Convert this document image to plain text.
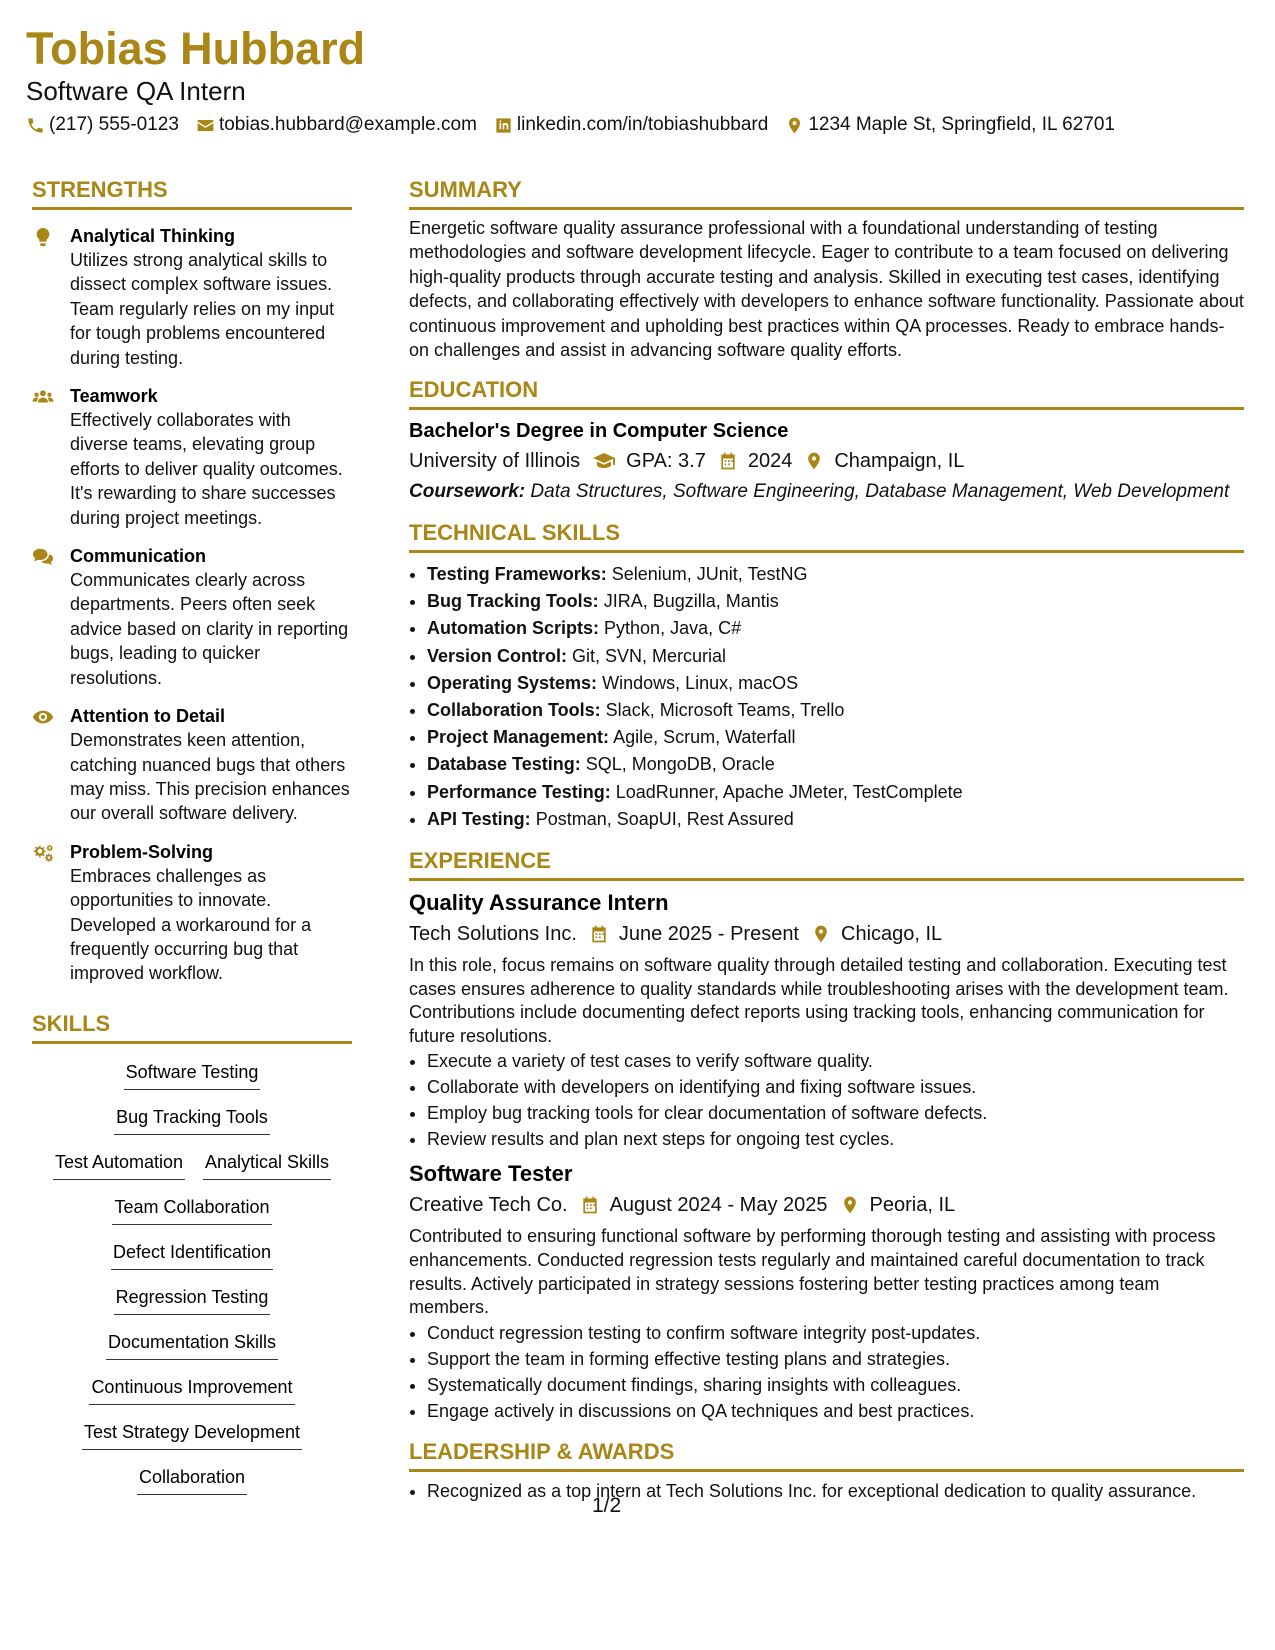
Tobias Hubbard
Software QA Intern
(217) 555-0123 tobias.hubbard@example.com linkedin.com/in/tobiashubbard 1234 Maple St, Springfield, IL 62701
STRENGTHS
Analytical Thinking
Utilizes strong analytical skills to dissect complex software issues. Team regularly relies on my input for tough problems encountered during testing.
Teamwork
Effectively collaborates with diverse teams, elevating group efforts to deliver quality outcomes. It's rewarding to share successes during project meetings.
Communication
Communicates clearly across departments. Peers often seek advice based on clarity in reporting bugs, leading to quicker resolutions.
Attention to Detail
Demonstrates keen attention, catching nuanced bugs that others may miss. This precision enhances our overall software delivery.
Problem-Solving
Embraces challenges as opportunities to innovate. Developed a workaround for a frequently occurring bug that improved workflow.
SKILLS
Software Testing
Bug Tracking Tools
Test Automation Analytical Skills
Team Collaboration
Defect Identification
Regression Testing
Documentation Skills
Continuous Improvement
Test Strategy Development
Collaboration
SUMMARY
Energetic software quality assurance professional with a foundational understanding of testing methodologies and software development lifecycle. Eager to contribute to a team focused on delivering high-quality products through accurate testing and analysis. Skilled in executing test cases, identifying defects, and collaborating effectively with developers to enhance software functionality. Passionate about continuous improvement and upholding best practices within QA processes. Ready to embrace hands-on challenges and assist in advancing software quality efforts.
EDUCATION
Bachelor's Degree in Computer Science
University of Illinois GPA: 3.7 2024 Champaign, IL
Coursework: Data Structures, Software Engineering, Database Management, Web Development
TECHNICAL SKILLS
• Testing Frameworks: Selenium, JUnit, TestNG
• Bug Tracking Tools: JIRA, Bugzilla, Mantis
• Automation Scripts: Python, Java, C#
• Version Control: Git, SVN, Mercurial
• Operating Systems: Windows, Linux, macOS
• Collaboration Tools: Slack, Microsoft Teams, Trello
• Project Management: Agile, Scrum, Waterfall
• Database Testing: SQL, MongoDB, Oracle
• Performance Testing: LoadRunner, Apache JMeter, TestComplete
• API Testing: Postman, SoapUI, Rest Assured
EXPERIENCE
Quality Assurance Intern
Tech Solutions Inc. June 2025 - Present Chicago, IL
In this role, focus remains on software quality through detailed testing and collaboration. Executing test cases ensures adherence to quality standards while troubleshooting arises with the development team. Contributions include documenting defect reports using tracking tools, enhancing communication for future resolutions.
• Execute a variety of test cases to verify software quality.
• Collaborate with developers on identifying and fixing software issues.
• Employ bug tracking tools for clear documentation of software defects.
• Review results and plan next steps for ongoing test cycles.
Software Tester
Creative Tech Co. August 2024 - May 2025 Peoria, IL
Contributed to ensuring functional software by performing thorough testing and assisting with process enhancements. Conducted regression tests regularly and maintained careful documentation to track results. Actively participated in strategy sessions fostering better testing practices among team members.
• Conduct regression testing to confirm software integrity post-updates.
• Support the team in forming effective testing plans and strategies.
• Systematically document findings, sharing insights with colleagues.
• Engage actively in discussions on QA techniques and best practices.
LEADERSHIP & AWARDS
• Recognized as a top intern at Tech Solutions Inc. for exceptional dedication to quality assurance.
1/2
